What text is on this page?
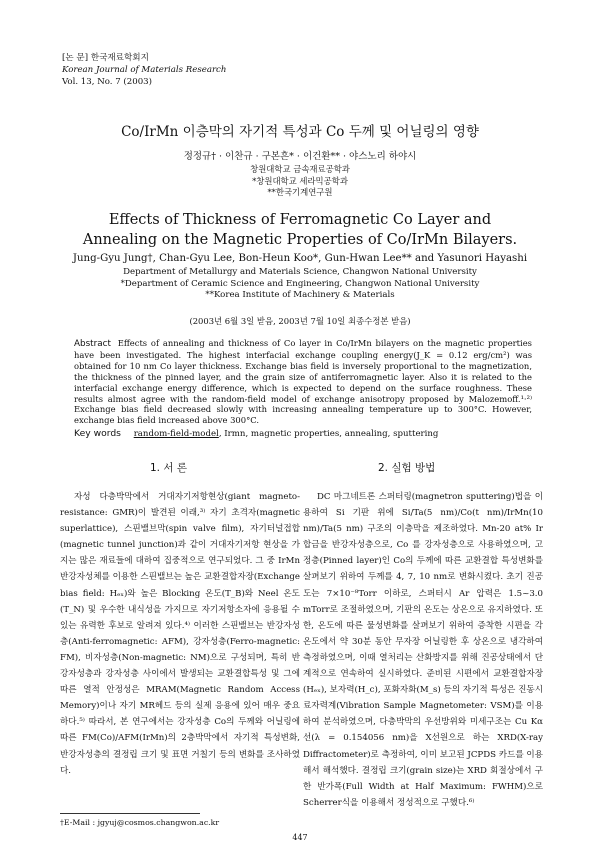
[논 문] 한국재료학회지
Korean Journal of Materials Research
Vol. 13, No. 7 (2003)
Co/IrMn 이층막의 자기적 특성과 Co 두께 및 어닐링의 영향
정정규† · 이찬규 · 구본흔* · 이건환** · 야스노리 하야시
창원대학교 금속재료공학과
*창원대학교 세라믹공학과
**한국기계연구원
Effects of Thickness of Ferromagnetic Co Layer and
Annealing on the Magnetic Properties of Co/IrMn Bilayers.
Jung-Gyu Jung†, Chan-Gyu Lee, Bon-Heun Koo*, Gun-Hwan Lee** and Yasunori Hayashi
Department of Metallurgy and Materials Science, Changwon National University
*Department of Ceramic Science and Engineering, Changwon National University
**Korea Institute of Machinery & Materials
(2003년 6월 3일 받음, 2003년 7월 10일 최종수정본 받음)
Abstract Effects of annealing and thickness of Co layer in Co/IrMn bilayers on the magnetic properties have been investigated. The highest interfacial exchange coupling energy(J_K = 0.12 erg/cm²) was obtained for 10 nm Co layer thickness. Exchange bias field is inversely proportional to the magnetization, the thickness of the pinned layer, and the grain size of antiferromagnetic layer. Also it is related to the interfacial exchange energy difference, which is expected to depend on the surface roughness. These results almost agree with the random-field model of exchange anisotropy proposed by Malozemoff.¹·²⁾ Exchange bias field decreased slowly with increasing annealing temperature up to 300°C. However, exchange bias field increased above 300°C.
Key words random-field-model, Irmn, magnetic properties, annealing, sputtering
1. 서 론	2. 실험 방법

자성 다층박막에서 거대자기저항현상(giant magneto-resistance: GMR)이 발견된 이래,³⁾ 자기 초격자(magnetic superlattice), 스핀밸브막(spin valve film), 자기터널접합(magnetic tunnel junction)과 같이 거대자기저항 현상을 가지는 많은 재료들에 대하여 집중적으로 연구되었다. 그 중 IrMn 반강자성체를 이용한 스핀밸브는 높은 교환결합자장(Exchange bias field: Hₑₓ)와 높은 Blocking 온도(T_B)와 Neel 온도(T_N) 및 우수한 내식성을 가지므로 자기저항소자에 응용될 수 있는 유력한 후보로 알려져 있다.⁴⁾ 이러한 스핀밸브는 반강자성층(Anti-ferromagnetic: AFM), 강자성층(Ferro-magnetic: FM), 비자성층(Non-magnetic: NM)으로 구성되며, 특히 반강자성층과 강자성층 사이에서 발생되는 교환결합특성 및 그에 따른 열적 안정성은 MRAM(Magnetic Random Access Memory)이나 자기 MR헤드 등의 실제 응용에 있어 매우 중요하다.⁵⁾ 따라서, 본 연구에서는 강자성층 Co의 두께와 어닐링에 따른 FM(Co)/AFM(IrMn)의 2층박막에서 자기적 특성변화, 반강자성층의 결정립 크기 및 표면 거칠기 등의 변화를 조사하였다.

DC 마그네트론 스퍼터링(magnetron sputtering)법을 이용하여 Si 기판 위에 Si/Ta(5 nm)/Co(t nm)/IrMn(10 nm)/Ta(5 nm) 구조의 이층막을 제조하였다. Mn-20 at% Ir 합금을 반강자성층으로, Co 를 강자성층으로 사용하였으며, 고정층(Pinned layer)인 Co의 두께에 따른 교환결합 특성변화를 살펴보기 위하여 두께를 4, 7, 10 nm로 변화시켰다. 초기 진공도는 7×10⁻⁸Torr 이하로, 스퍼터시 Ar 압력은 1.5~3.0 mTorr로 조절하였으며, 기판의 온도는 상온으로 유지하였다. 또한, 온도에 따른 물성변화를 살펴보기 위하여 증착한 시편을 각 온도에서 약 30분 동안 무자장 어닐링한 후 상온으로 냉각하여 측정하였으며, 이때 열처리는 산화방지를 위해 진공상태에서 단계적으로 연속하여 실시하였다. 준비된 시편에서 교환결합자장(Hₑₓ), 보자력(H_c), 포화자화(M_s) 등의 자기적 특성은 진동시료자력계(Vibration Sample Magnetometer: VSM)를 이용하여 분석하였으며, 다층박막의 우선방위와 미세구조는 Cu Kα선(λ = 0.154056 nm)을 X선원으로 하는 XRD(X-ray Diffractometer)로 측정하여, 이미 보고된 JCPDS 카드를 이용해서 해석했다. 결정립 크기(grain size)는 XRD 회절상에서 구한 반가폭(Full Width at Half Maximum: FWHM)으로 Scherrer식을 이용해서 정성적으로 구했다.⁶⁾

†E-Mail : jgyuj@cosmos.changwon.ac.kr
447
